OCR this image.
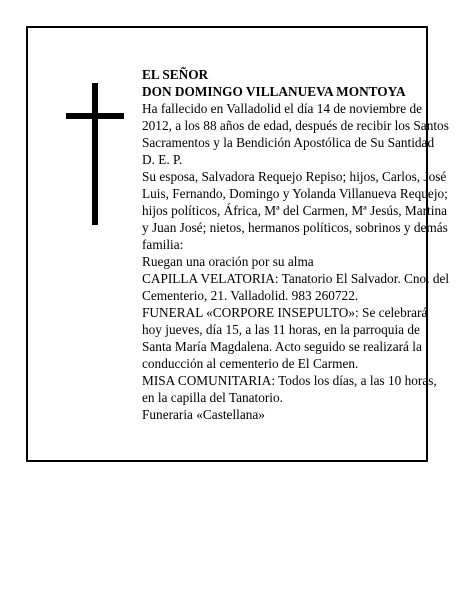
EL SEÑOR

DON DOMINGO VILLANUEVA MONTOYA

Ha fallecido en Valladolid el día 14 de noviembre de 2012, a los 88 años de edad, después de recibir los Santos Sacramentos y la Bendición Apostólica de Su Santidad

D. E. P.

Su esposa, Salvadora Requejo Repiso; hijos, Carlos, José Luis, Fernando, Domingo y Yolanda Villanueva Requejo; hijos políticos, África, Mª del Carmen, Mª Jesús, Martina y Juan José; nietos, hermanos políticos, sobrinos y demás familia:

Ruegan una oración por su alma

CAPILLA VELATORIA: Tanatorio El Salvador. Cno. del Cementerio, 21. Valladolid. 983 260722.

FUNERAL «CORPORE INSEPULTO»: Se celebrará hoy jueves, día 15, a las 11 horas, en la parroquia de Santa María Magdalena. Acto seguido se realizará la conducción al cementerio de El Carmen.

MISA COMUNITARIA: Todos los días, a las 10 horas, en la capilla del Tanatorio.

Funeraria «Castellana»
